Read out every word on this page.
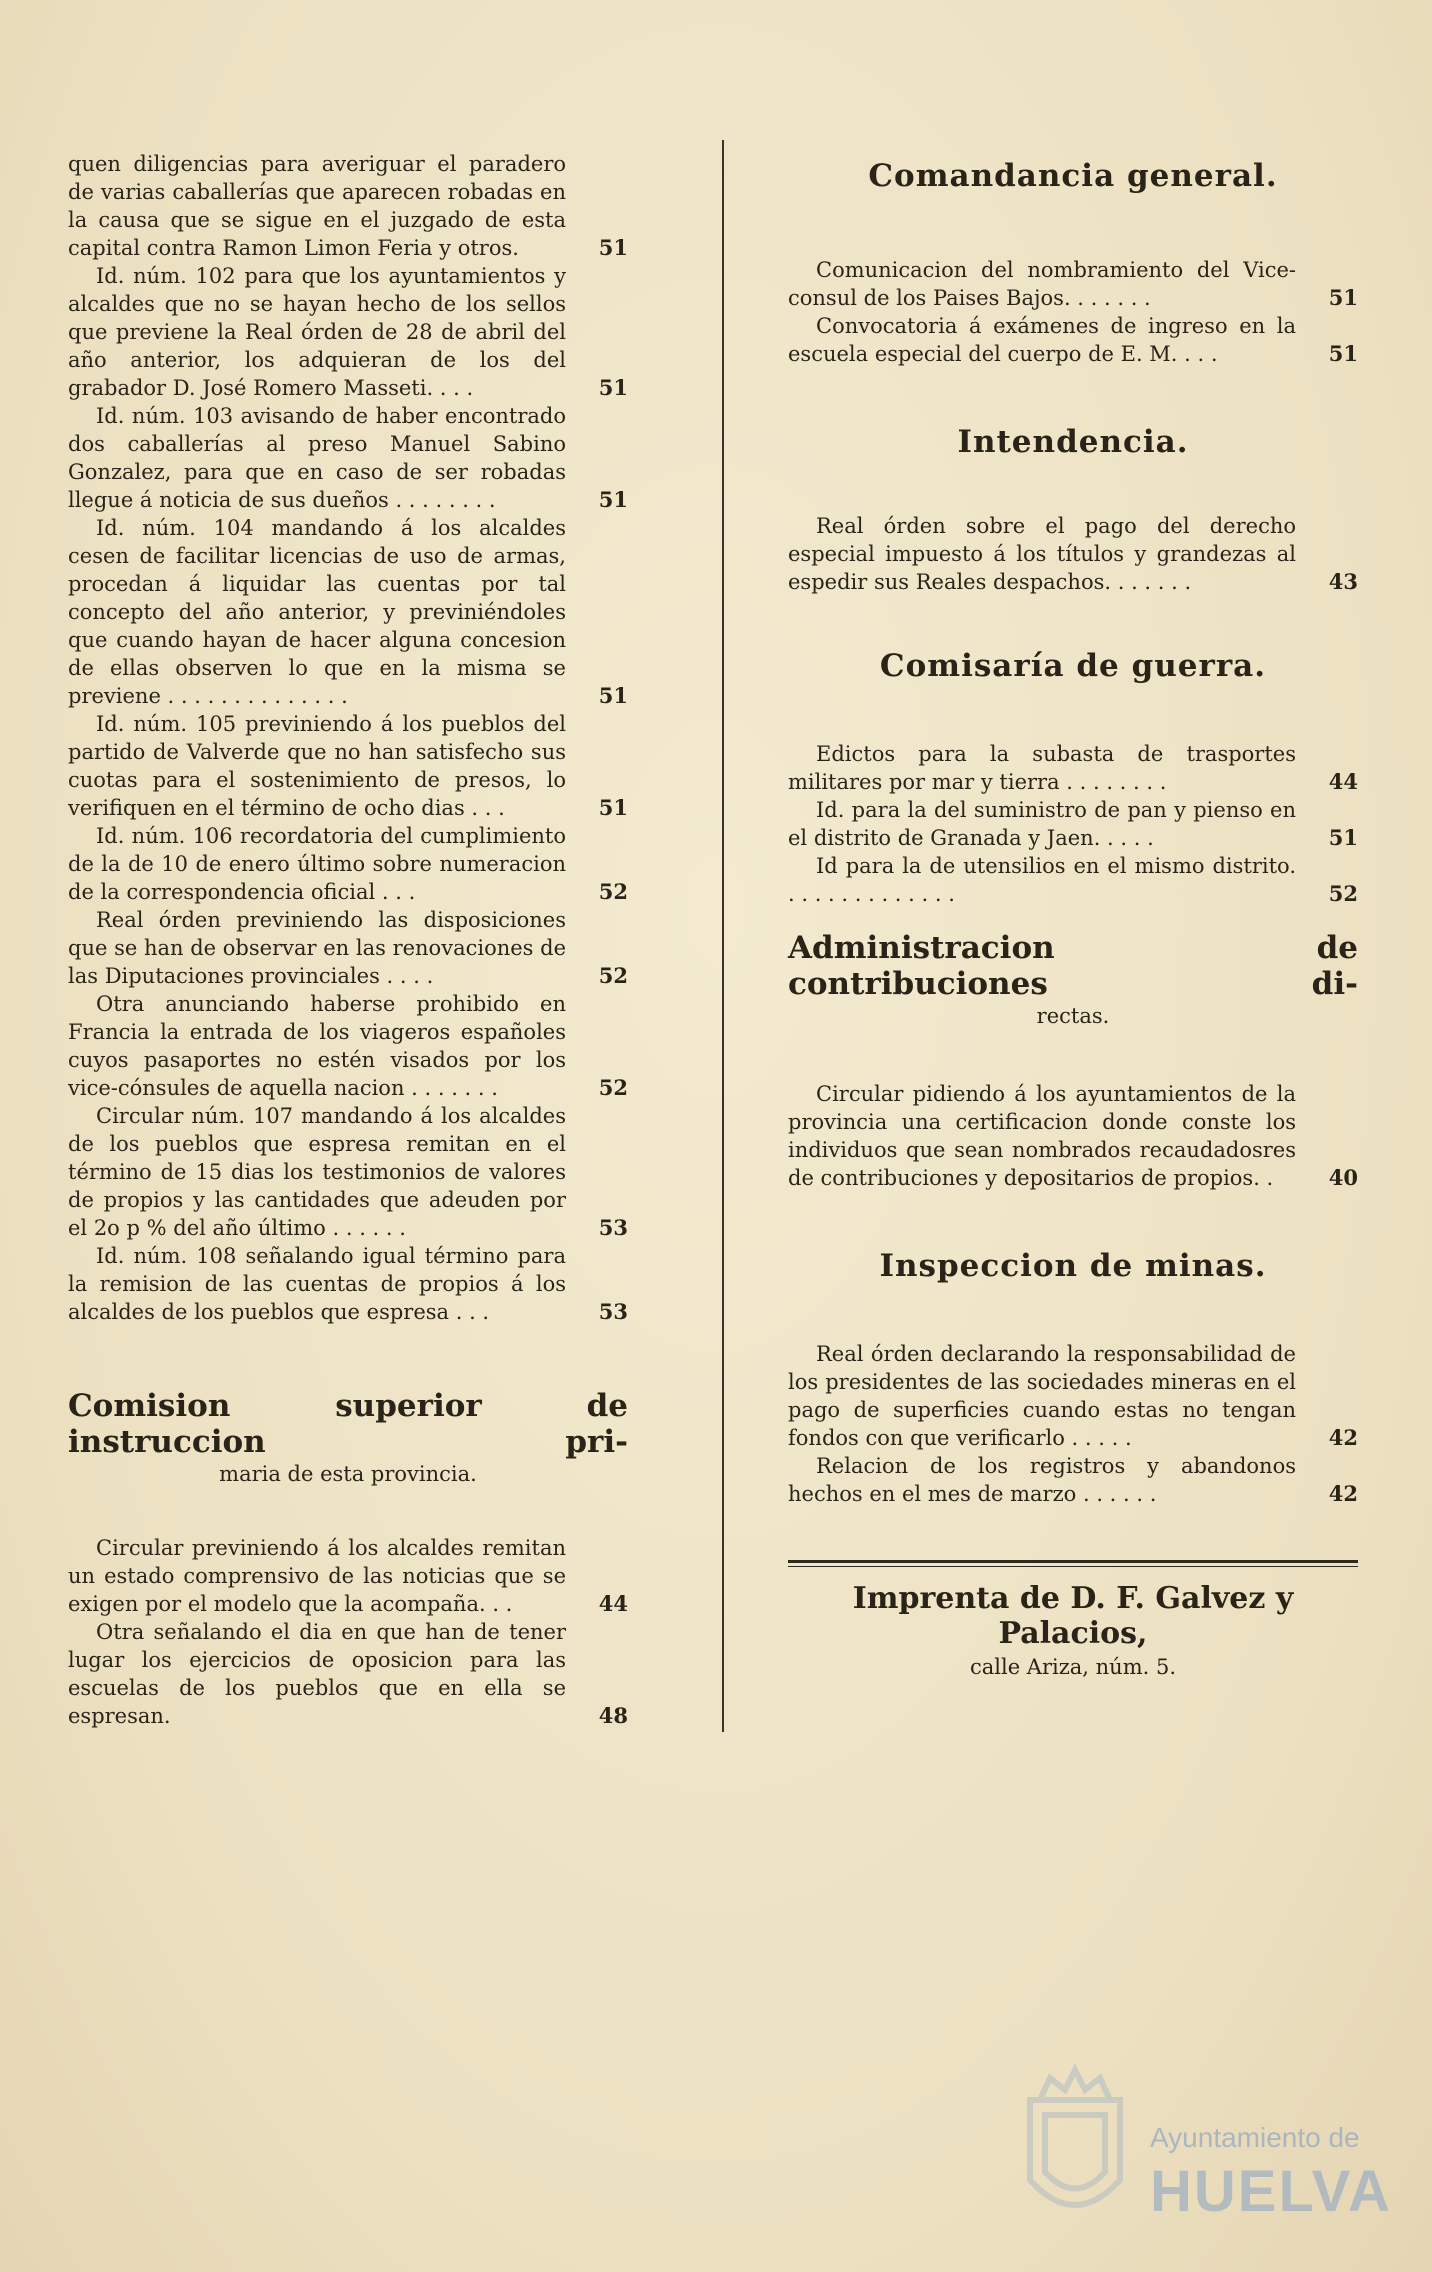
quen diligencias para averiguar el paradero de varias caballerías que aparecen robadas en la causa que se sigue en el juzgado de esta capital contra Ramon Limon Feria y otros.	51

Id. núm. 102 para que los ayuntamientos y alcaldes que no se hayan hecho de los sellos que previene la Real órden de 28 de abril del año anterior, los adquieran de los del grabador D. José Romero Masseti. . . .	51

Id. núm. 103 avisando de haber encontrado dos caballerías al preso Manuel Sabino Gonzalez, para que en caso de ser robadas llegue á noticia de sus dueños . . . . . . . .	51

Id. núm. 104 mandando á los alcaldes cesen de facilitar licencias de uso de armas, procedan á liquidar las cuentas por tal concepto del año anterior, y previniéndoles que cuando hayan de hacer alguna concesion de ellas observen lo que en la misma se previene . . . . . . . . . . . . . .	51

Id. núm. 105 previniendo á los pueblos del partido de Valverde que no han satisfecho sus cuotas para el sostenimiento de presos, lo verifiquen en el término de ocho dias . . .	51

Id. núm. 106 recordatoria del cumplimiento de la de 10 de enero último sobre numeracion de la correspondencia oficial . . .	52

Real órden previniendo las disposiciones que se han de observar en las renovaciones de las Diputaciones provinciales . . . .	52

Otra anunciando haberse prohibido en Francia la entrada de los viageros españoles cuyos pasaportes no estén visados por los vice-cónsules de aquella nacion . . . . . . .	52

Circular núm. 107 mandando á los alcaldes de los pueblos que espresa remitan en el término de 15 dias los testimonios de valores de propios y las cantidades que adeuden por el 2o p % del año último . . . . . .	53

Id. núm. 108 señalando igual término para la remision de las cuentas de propios á los alcaldes de los pueblos que espresa . . .	53

Comision superior de instruccion pri-

maria de esta provincia.

Circular previniendo á los alcaldes remitan un estado comprensivo de las noticias que se exigen por el modelo que la acompaña. . .	44

Otra señalando el dia en que han de tener lugar los ejercicios de oposicion para las escuelas de los pueblos que en ella se espresan.	48

Comandancia general.

Comunicacion del nombramiento del Vice-consul de los Paises Bajos. . . . . . .	51

Convocatoria á exámenes de ingreso en la escuela especial del cuerpo de E. M. . . .	51

Intendencia.

Real órden sobre el pago del derecho especial impuesto á los títulos y grandezas al espedir sus Reales despachos. . . . . . .	43

Comisaría de guerra.

Edictos para la subasta de trasportes militares por mar y tierra . . . . . . . .	44

Id. para la del suministro de pan y pienso en el distrito de Granada y Jaen. . . . .	51

Id para la de utensilios en el mismo distrito. . . . . . . . . . . . . .	52

Administracion de contribuciones di-

rectas.

Circular pidiendo á los ayuntamientos de la provincia una certificacion donde conste los individuos que sean nombrados recaudadosres de contribuciones y depositarios de propios. .	40

Inspeccion de minas.

Real órden declarando la responsabilidad de los presidentes de las sociedades mineras en el pago de superficies cuando estas no tengan fondos con que verificarlo . . . . .	42

Relacion de los registros y abandonos hechos en el mes de marzo . . . . . .	42

Imprenta de D. F. Galvez y Palacios,

calle Ariza, núm. 5.

Ayuntamiento de
HUELVA
